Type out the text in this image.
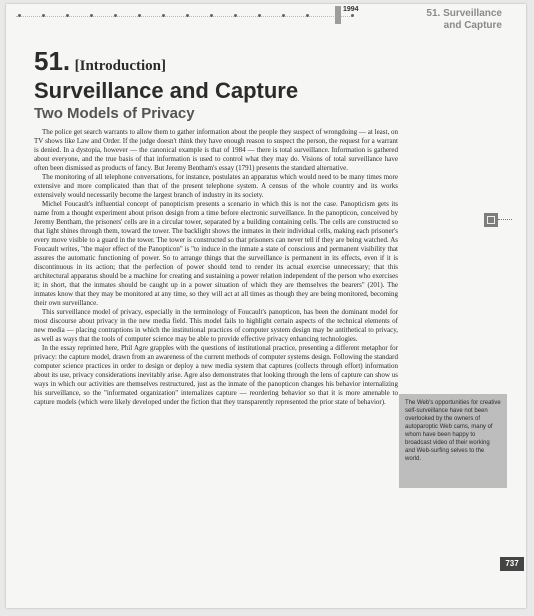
1994	51. Surveillance
and Capture
51. [Introduction]
Surveillance and Capture
Two Models of Privacy

The police get search warrants to allow them to gather information about the people they suspect of wrongdoing — at least, on TV shows like Law and Order. If the judge doesn't think they have enough reason to suspect the person, the request for a warrant is denied. In a dystopia, however — the canonical example is that of 1984 — there is total surveillance. Information is gathered about everyone, and the true basis of that information is used to control what they may do. Visions of total surveillance have often been dismissed as products of fancy. But Jeremy Bentham's essay (1791) presents the standard alternative.

The monitoring of all telephone conversations, for instance, postulates an apparatus which would need to be many times more extensive and more complicated than that of the present telephone system. A census of the whole country and its works extensively would necessarily become the largest branch of industry in its society.

Michel Foucault's influential concept of panopticism presents a scenario in which this is not the case. Panopticism gets its name from a thought experiment about prison design from a time before electronic surveillance. In the panopticon, conceived by Jeremy Bentham, the prisoners' cells are in a circular tower, separated by a building containing cells. The cells are constructed so that light shines through them, toward the tower. The backlight shows the inmates in their individual cells, making each prisoner's every move visible to a guard in the tower. The tower is constructed so that prisoners can never tell if they are being watched. As Foucault writes, "the major effect of the Panopticon" is "to induce in the inmate a state of conscious and permanent visibility that assures the automatic functioning of power. So to arrange things that the surveillance is permanent in its effects, even if it is discontinuous in its action; that the perfection of power should tend to render its actual exercise unnecessary; that this architectural apparatus should be a machine for creating and sustaining a power relation independent of the person who exercises it; in short, that the inmates should be caught up in a power situation of which they are themselves the bearers" (201). The inmates know that they may be monitored at any time, so they will act at all times as though they are being monitored, becoming their own surveillance.

This surveillance model of privacy, especially in the terminology of Foucault's panopticon, has been the dominant model for most discourse about privacy in the new media field. This model fails to highlight certain aspects of the technical elements of new media — placing contraptions in which the institutional practices of computer system design may be antithetical to privacy, as well as ways that the tools of computer science may be able to provide effective privacy enhancing technologies.

In the essay reprinted here, Phil Agre grapples with the questions of institutional practice, presenting a different metaphor for privacy: the capture model, drawn from an awareness of the current methods of computer systems design. Following the standard computer science practices in order to design or deploy a new media system that captures (collects through effort) information about its use, privacy considerations inevitably arise. Agre also demonstrates that looking through the lens of capture can show us ways in which our activities are themselves restructured, just as the inmate of the panopticon changes his behavior internalizing his surveillance, so the "informated organization" internalizes capture — reordering behavior so that it is more amenable to capture models (which were likely developed under the fiction that they transparently represented the prior state of behavior).	The Web's opportunities for creative self-surveillance have not been overlooked by the owners of autoparoptic Web cams, many of whom have been happy to broadcast video of their working and Web-surfing selves to the world.
737
